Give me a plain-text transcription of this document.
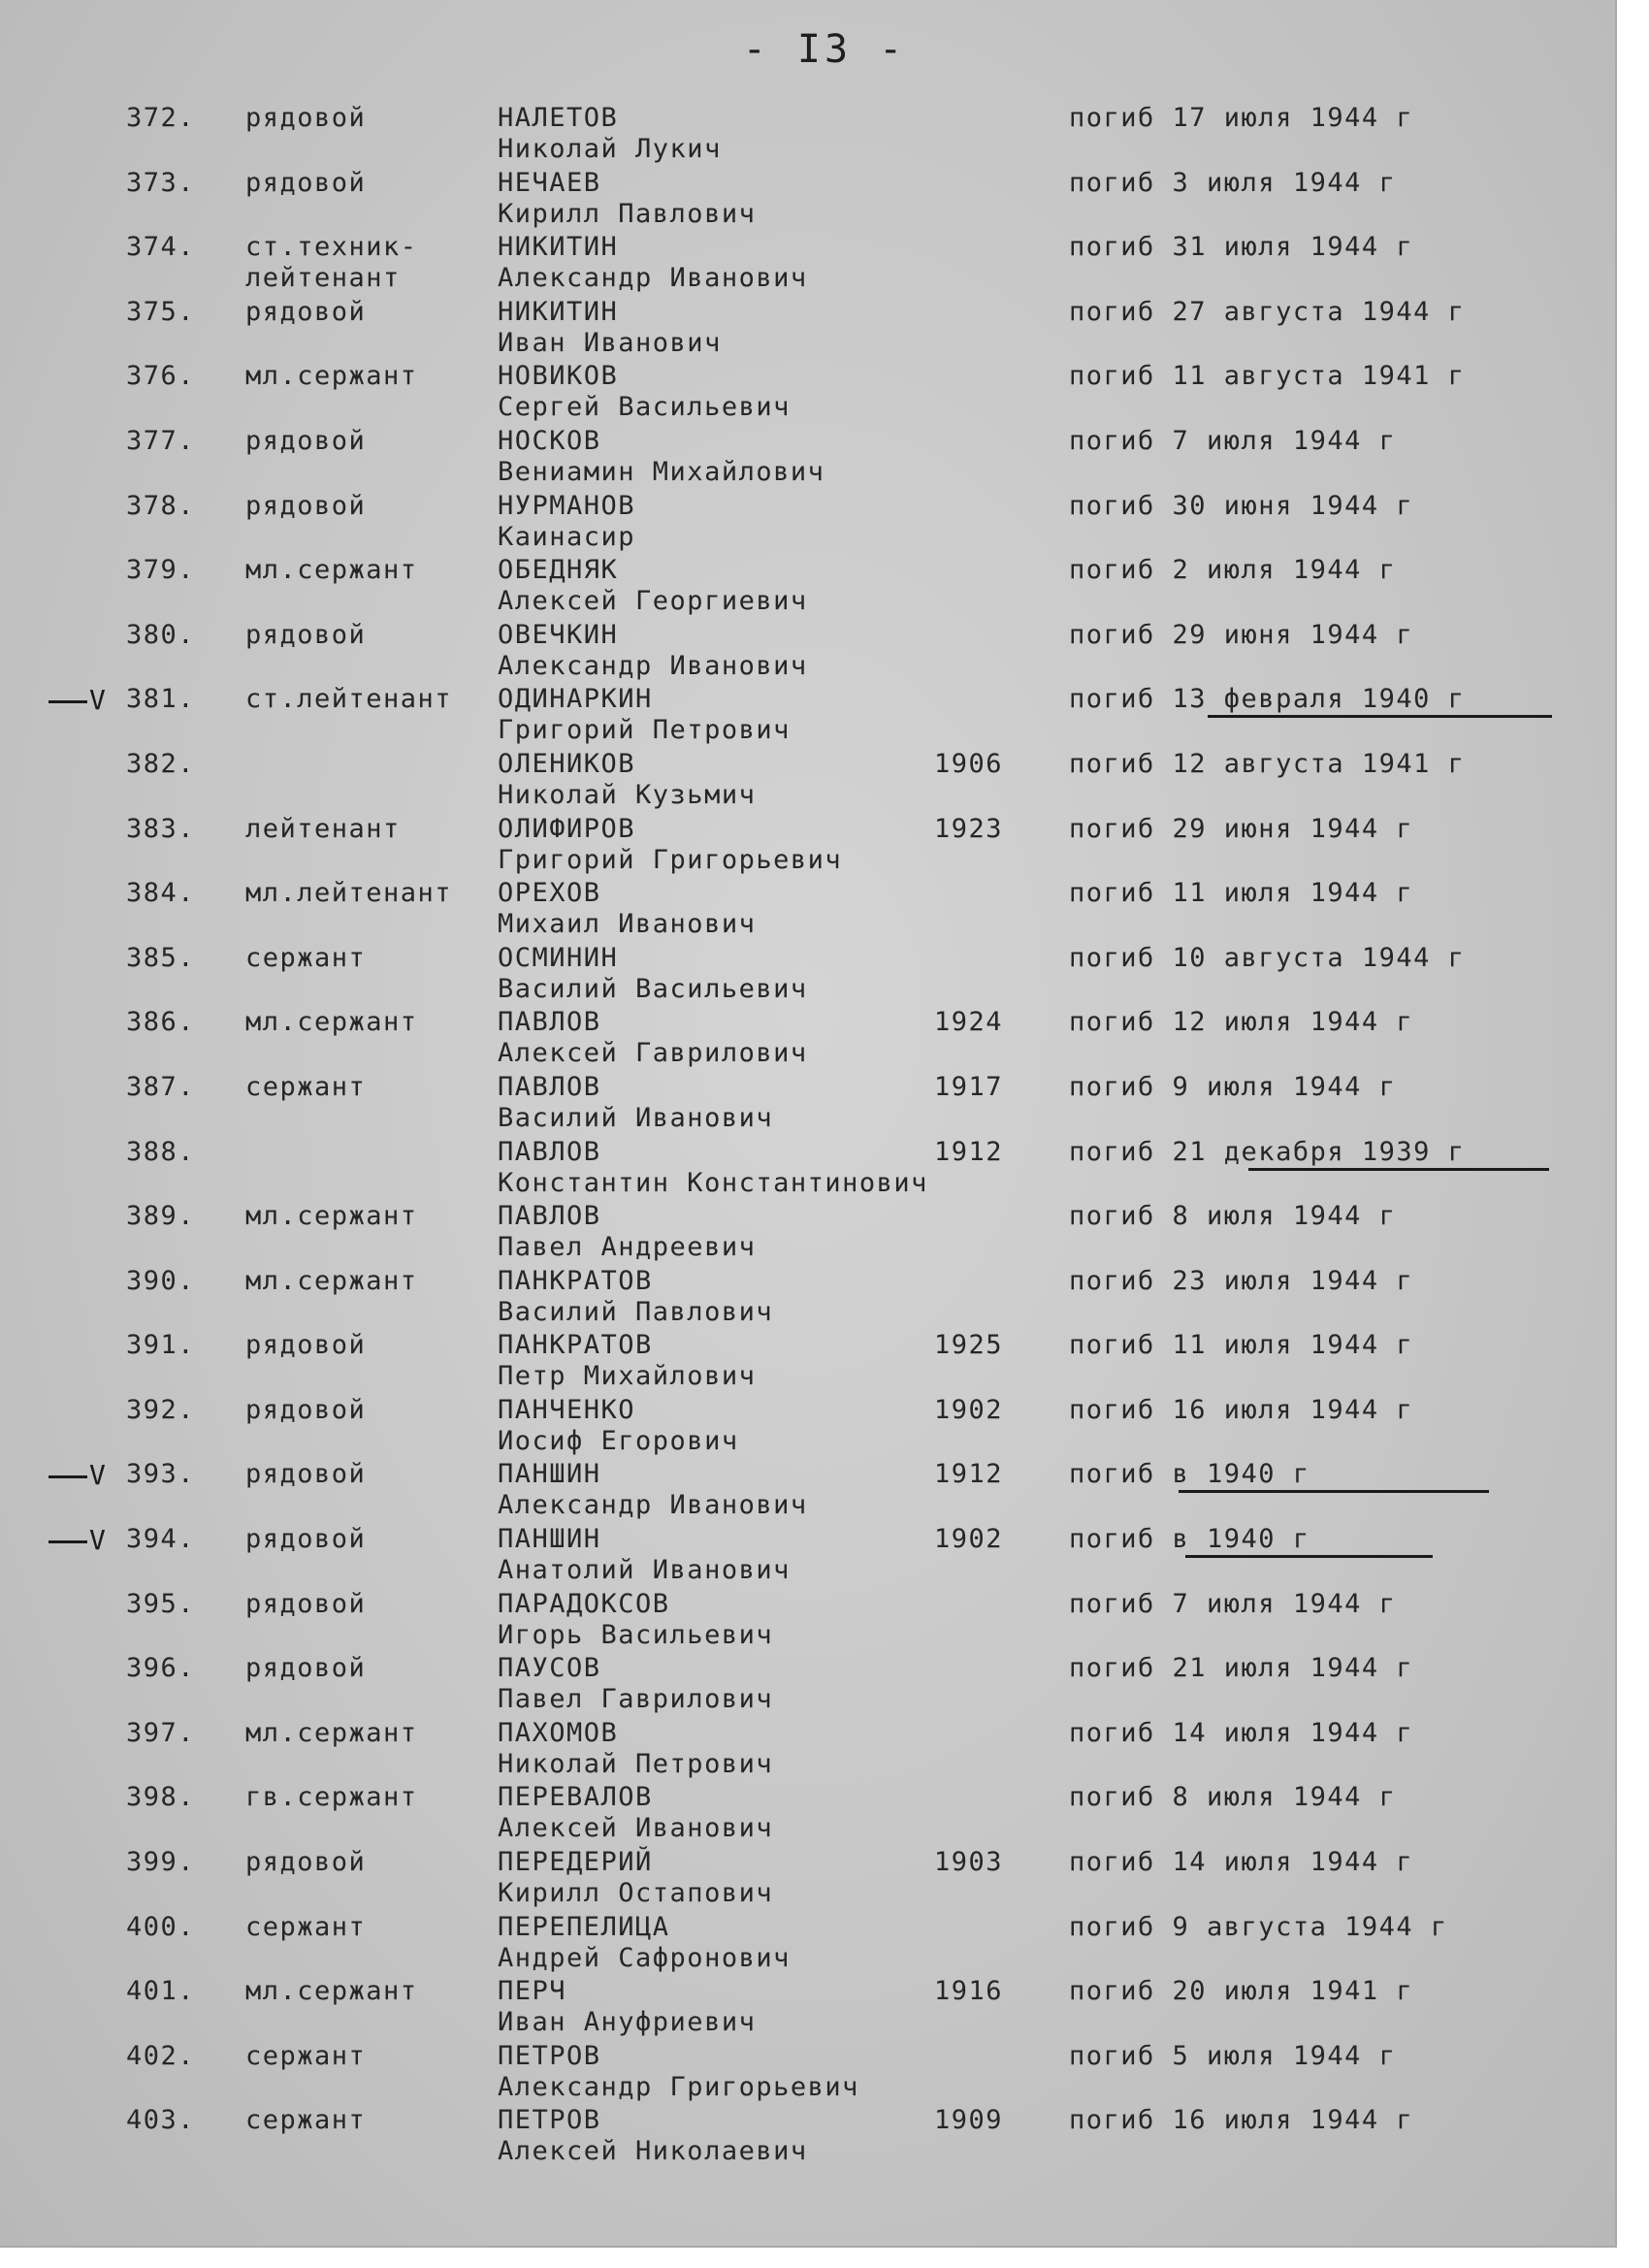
- I3 -
372. рядовой	НАЛЕТОВ
Николай Лукич
погиб 17 июля 1944 г
373. рядовой	НЕЧАЕВ
Кирилл Павлович
погиб 3 июля 1944 г
374. ст.техник-
лейтенант
НИКИТИН
Александр Иванович
погиб 31 июля 1944 г
375. рядовой	НИКИТИН
Иван Иванович
погиб 27 августа 1944 г
376. мл.сержант	НОВИКОВ
Сергей Васильевич
погиб 11 августа 1941 г
377. рядовой	НОСКОВ
Вениамин Михайлович
погиб 7 июля 1944 г
378. рядовой	НУРМАНОВ
Каинасир
погиб 30 июня 1944 г
379. мл.сержант	ОБЕДНЯК
Алексей Георгиевич
погиб 2 июля 1944 г
380. рядовой	ОВЕЧКИН
Александр Иванович
погиб 29 июня 1944 г
381. ст.лейтенант ОДИНАРКИН
Григорий Петрович
погиб 13 февраля 1940 г
V
382.	ОЛЕНИКОВ
Николай Кузьмич
1906	погиб 12 августа 1941 г
383. лейтенант	ОЛИФИРОВ
Григорий Григорьевич
1923	погиб 29 июня 1944 г
384. мл.лейтенант ОРЕХОВ
Михаил Иванович
погиб 11 июля 1944 г
385. сержант	ОСМИНИН
Василий Васильевич
погиб 10 августа 1944 г
386. мл.сержант	ПАВЛОВ
Алексей Гаврилович
1924	погиб 12 июля 1944 г
387. сержант	ПАВЛОВ
Василий Иванович
1917	погиб 9 июля 1944 г
388.	ПАВЛОВ
Константин Константинович
1912	погиб 21 декабря 1939 г
389. мл.сержант	ПАВЛОВ
Павел Андреевич
погиб 8 июля 1944 г
390. мл.сержант	ПАНКРАТОВ
Василий Павлович
погиб 23 июля 1944 г
391. рядовой	ПАНКРАТОВ
Петр Михайлович
1925	погиб 11 июля 1944 г
392. рядовой	ПАНЧЕНКО
Иосиф Егорович
1902	погиб 16 июля 1944 г
393. рядовой	ПАНШИН
Александр Иванович
1912	погиб в 1940 г
V
394. рядовой	ПАНШИН
Анатолий Иванович
1902	погиб в 1940 г
V
395. рядовой	ПАРАДОКСОВ
Игорь Васильевич
погиб 7 июля 1944 г
396. рядовой	ПАУСОВ
Павел Гаврилович
погиб 21 июля 1944 г
397. мл.сержант	ПАХОМОВ
Николай Петрович
погиб 14 июля 1944 г
398. гв.сержант	ПЕРЕВАЛОВ
Алексей Иванович
погиб 8 июля 1944 г
399. рядовой	ПЕРЕДЕРИЙ
Кирилл Остапович
1903	погиб 14 июля 1944 г
400. сержант	ПЕРЕПЕЛИЦА
Андрей Сафронович
погиб 9 августа 1944 г
401. мл.сержант	ПЕРЧ
Иван Ануфриевич
1916	погиб 20 июля 1941 г
402. сержант	ПЕТРОВ
Александр Григорьевич
погиб 5 июля 1944 г
403. сержант	ПЕТРОВ
Алексей Николаевич
1909	погиб 16 июля 1944 г
